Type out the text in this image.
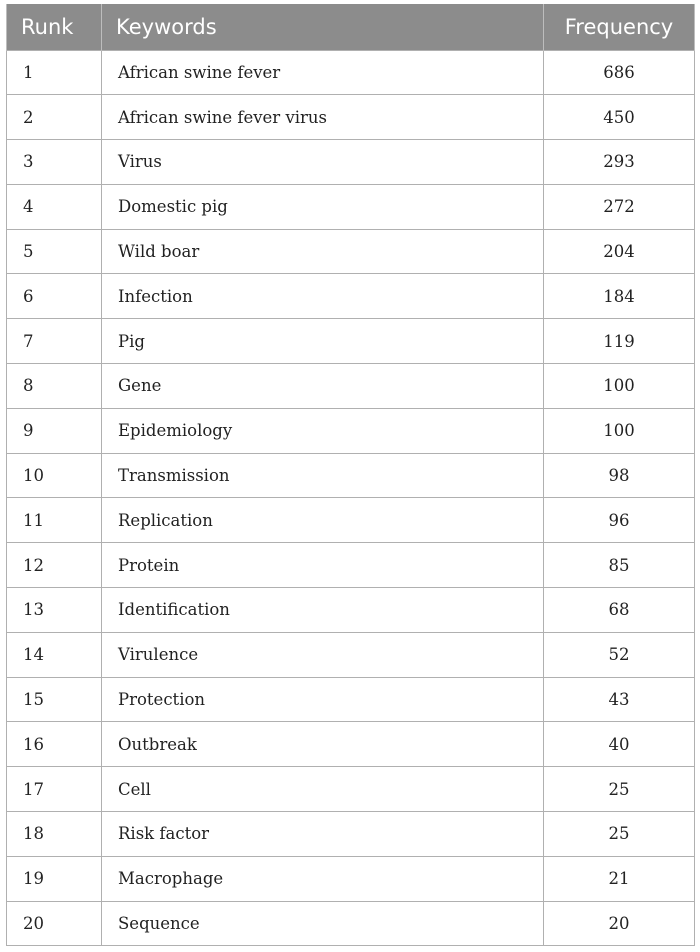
Runk	Keywords	Frequency
1	African swine fever	686
2	African swine fever virus	450
3	Virus	293
4	Domestic pig	272
5	Wild boar	204
6	Infection	184
7	Pig	119
8	Gene	100
9	Epidemiology	100
10	Transmission	98
11	Replication	96
12	Protein	85
13	Identification	68
14	Virulence	52
15	Protection	43
16	Outbreak	40
17	Cell	25
18	Risk factor	25
19	Macrophage	21
20	Sequence	20
